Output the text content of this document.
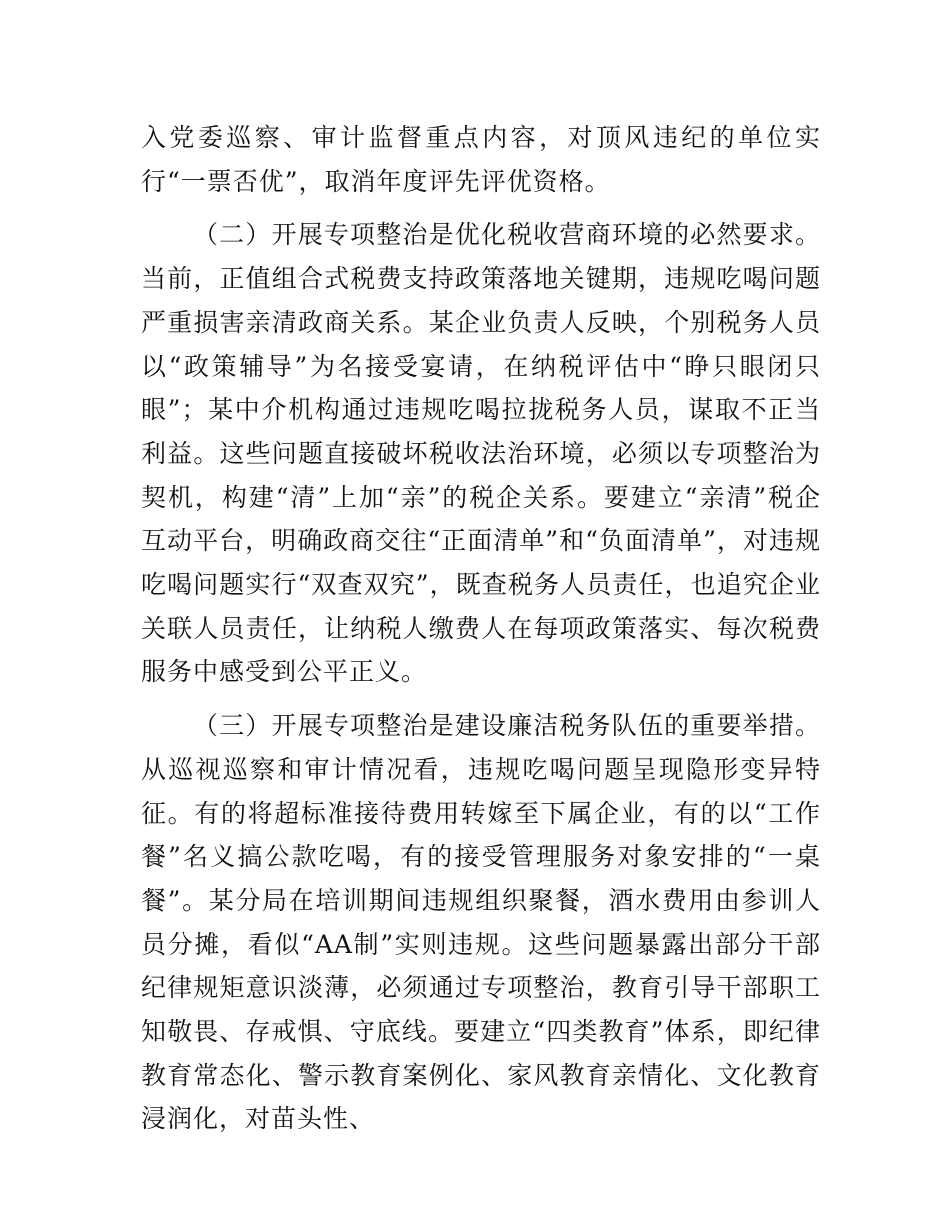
入党委巡察、审计监督重点内容，对顶风违纪的单位实行“一票否优”，取消年度评先评优资格。

（二）开展专项整治是优化税收营商环境的必然要求。当前，正值组合式税费支持政策落地关键期，违规吃喝问题严重损害亲清政商关系。某企业负责人反映，个别税务人员以“政策辅导”为名接受宴请，在纳税评估中“睁只眼闭只眼”；某中介机构通过违规吃喝拉拢税务人员，谋取不正当利益。这些问题直接破坏税收法治环境，必须以专项整治为契机，构建“清”上加“亲”的税企关系。要建立“亲清”税企互动平台，明确政商交往“正面清单”和“负面清单”，对违规吃喝问题实行“双查双究”，既查税务人员责任，也追究企业关联人员责任，让纳税人缴费人在每项政策落实、每次税费服务中感受到公平正义。

（三）开展专项整治是建设廉洁税务队伍的重要举措。从巡视巡察和审计情况看，违规吃喝问题呈现隐形变异特征。有的将超标准接待费用转嫁至下属企业，有的以“工作餐”名义搞公款吃喝，有的接受管理服务对象安排的“一桌餐”。某分局在培训期间违规组织聚餐，酒水费用由参训人员分摊，看似“AA制”实则违规。这些问题暴露出部分干部纪律规矩意识淡薄，必须通过专项整治，教育引导干部职工知敬畏、存戒惧、守底线。要建立“四类教育”体系，即纪律教育常态化、警示教育案例化、家风教育亲情化、文化教育浸润化，对苗头性、
